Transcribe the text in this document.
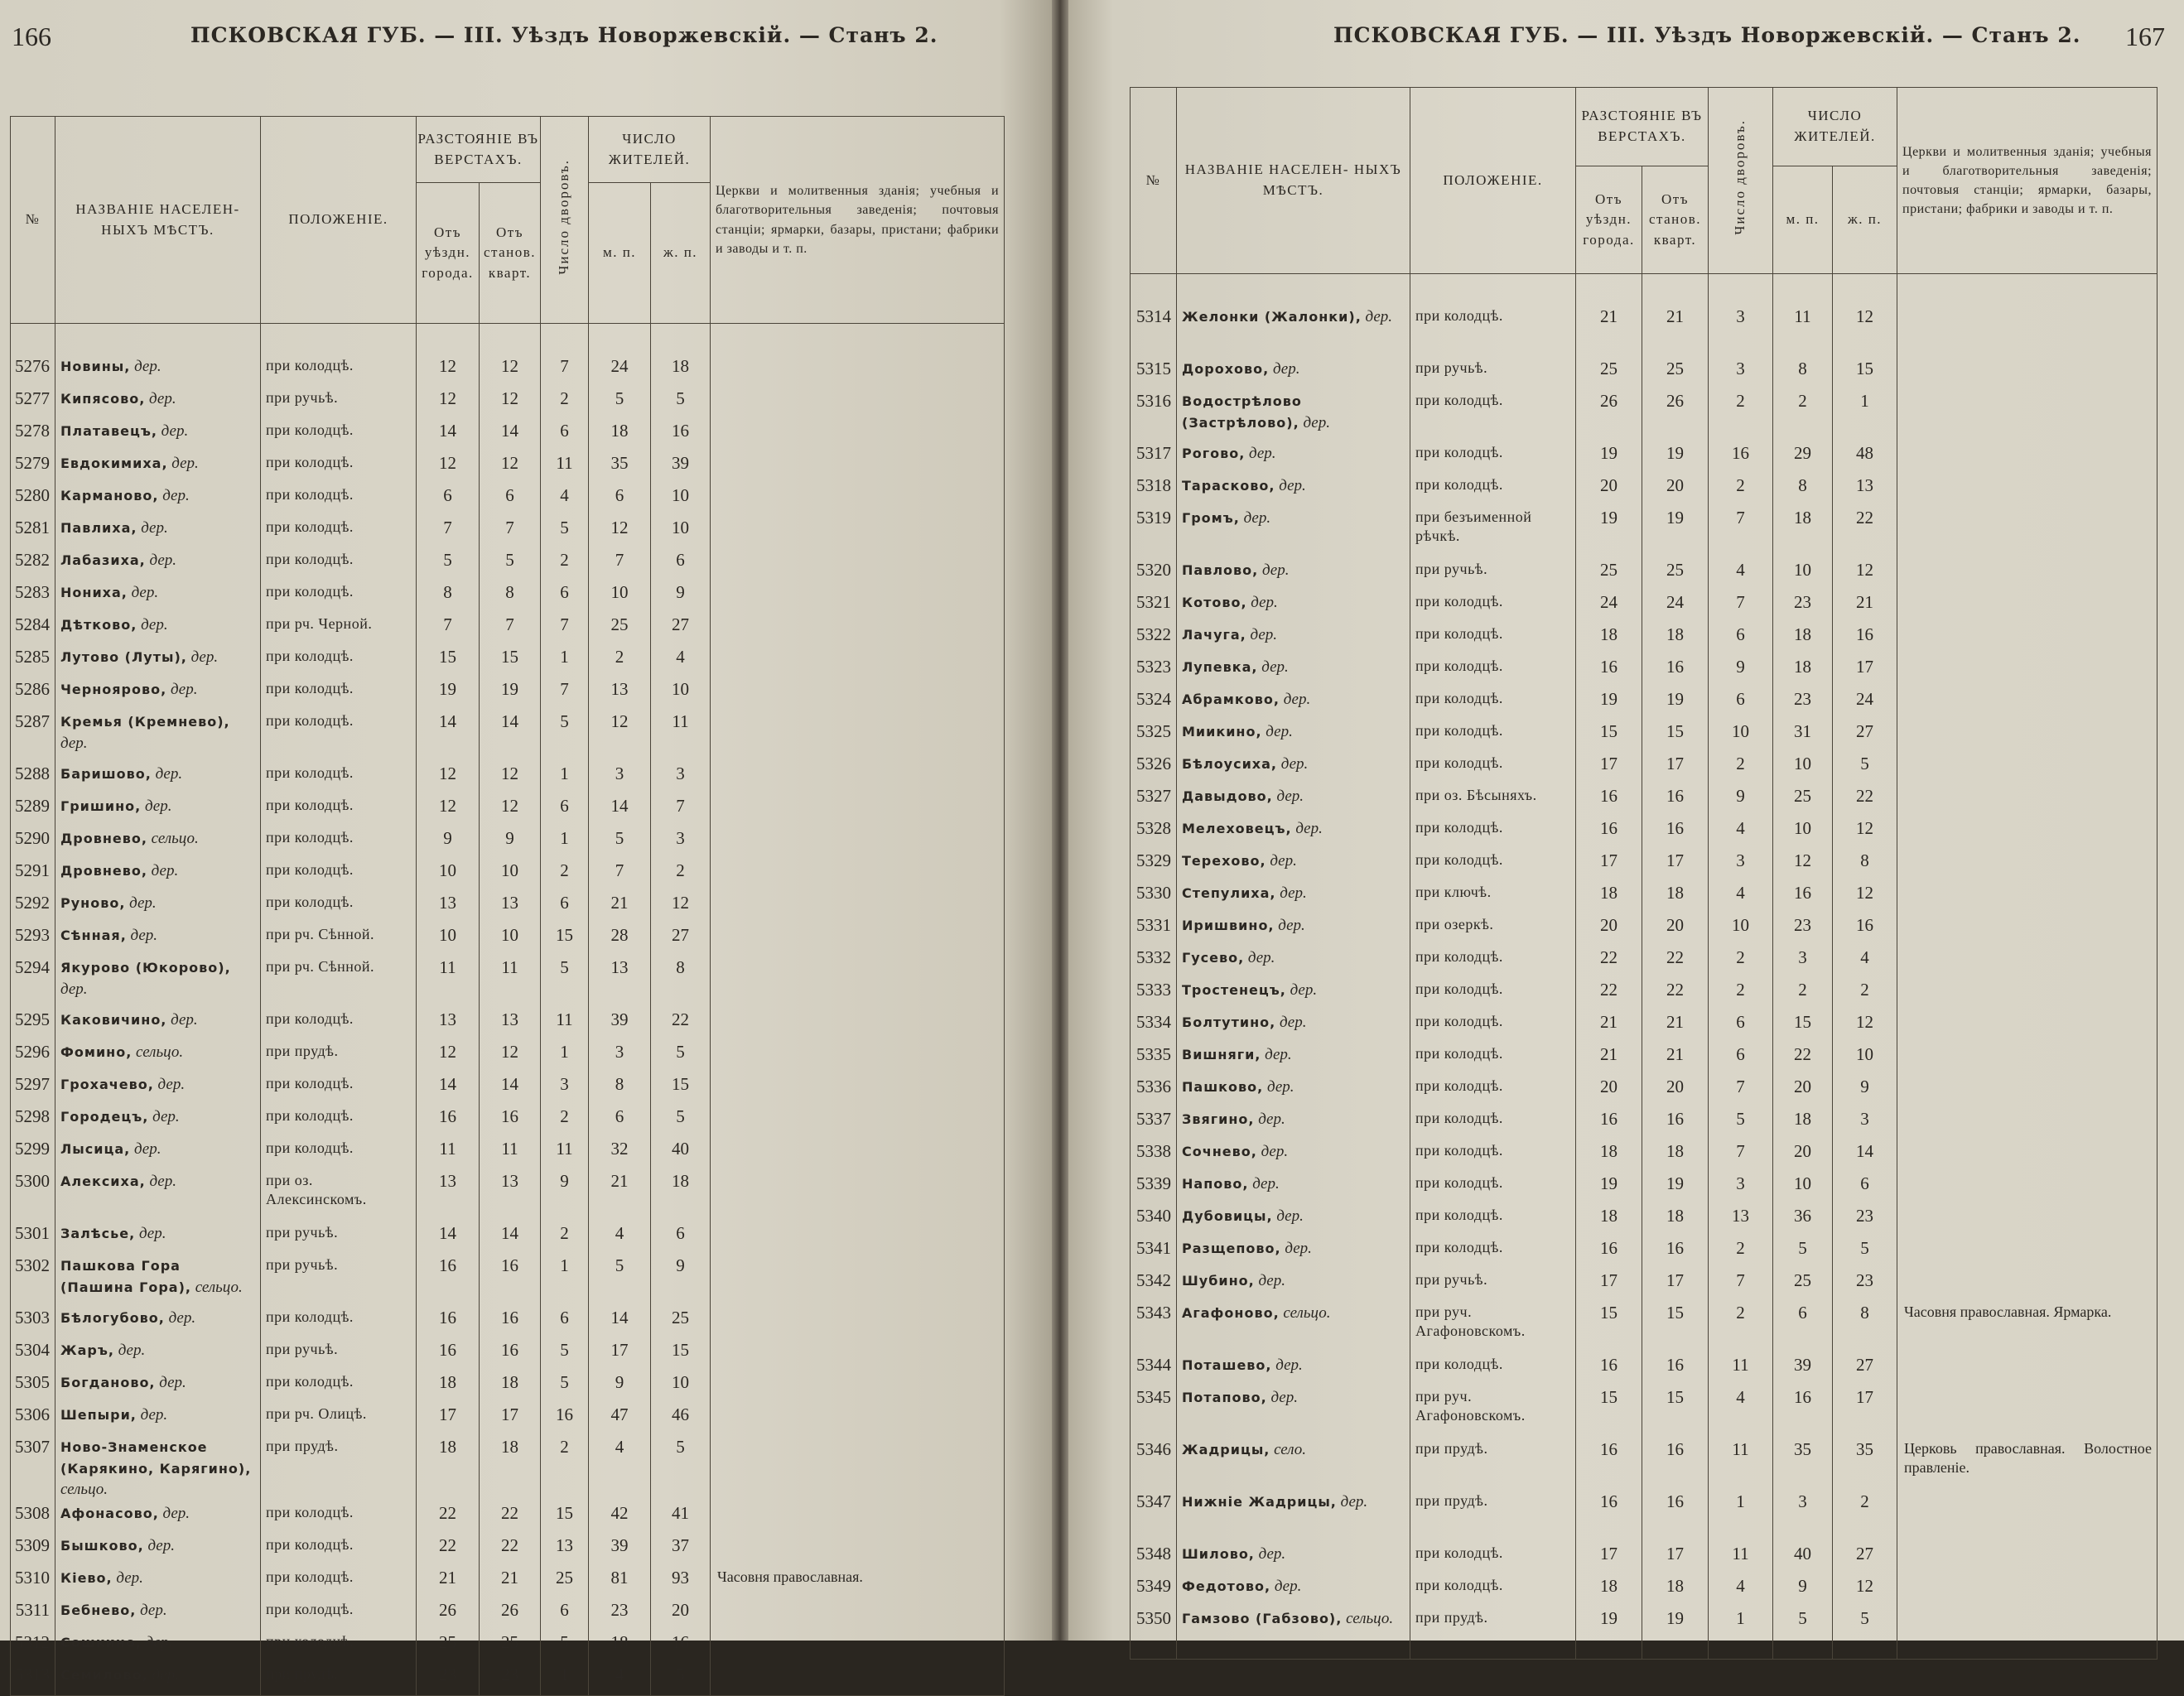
166	ПСКОВСКАЯ ГУБ. — III. Уѣздъ Новоржевскій. — Станъ 2.
№	НАЗВАНІЕ НАСЕЛЕН- НЫХЪ МѢСТЪ.	ПОЛОЖЕНІЕ.	РАЗСТОЯНІЕ ВЪ ВЕРСТАХЪ.		Число дворовъ.	ЧИСЛО ЖИТЕЛЕЙ.		Церкви и молитвенныя зданія; учебныя и благотворительныя заведенія; почтовыя станціи; ярмарки, базары, пристани; фабрики и заводы и т. п.
			Отъ уѣздн. города.	Отъ станов. кварт.		м. п.	ж. п.	

5276	Новины, дер.	при колодцѣ.	12	12	7	24	18	
5277	Кипясово, дер.	при ручьѣ.	12	12	2	5	5	
5278	Платавецъ, дер.	при колодцѣ.	14	14	6	18	16	
5279	Евдокимиха, дер.	при колодцѣ.	12	12	11	35	39	
5280	Карманово, дер.	при колодцѣ.	6	6	4	6	10	
5281	Павлиха, дер.	при колодцѣ.	7	7	5	12	10	
5282	Лабазиха, дер.	при колодцѣ.	5	5	2	7	6	
5283	Нониха, дер.	при колодцѣ.	8	8	6	10	9	
5284	Дѣтково, дер.	при рч. Черной.	7	7	7	25	27	
5285	Лутово (Луты), дер.	при колодцѣ.	15	15	1	2	4	
5286	Черноярово, дер.	при колодцѣ.	19	19	7	13	10	
5287	Кремья (Кремнево), дер.	при колодцѣ.	14	14	5	12	11	
5288	Баришово, дер.	при колодцѣ.	12	12	1	3	3	
5289	Гришино, дер.	при колодцѣ.	12	12	6	14	7	
5290	Дровнево, сельцо.	при колодцѣ.	9	9	1	5	3	
5291	Дровнево, дер.	при колодцѣ.	10	10	2	7	2	
5292	Руново, дер.	при колодцѣ.	13	13	6	21	12	
5293	Сѣнная, дер.	при рч. Сѣнной.	10	10	15	28	27	
5294	Якурово (Юкорово), дер.	при рч. Сѣнной.	11	11	5	13	8	
5295	Каковичино, дер.	при колодцѣ.	13	13	11	39	22	
5296	Фомино, сельцо.	при прудѣ.	12	12	1	3	5	
5297	Грохачево, дер.	при колодцѣ.	14	14	3	8	15	
5298	Городецъ, дер.	при колодцѣ.	16	16	2	6	5	
5299	Лысица, дер.	при колодцѣ.	11	11	11	32	40	
5300	Алексиха, дер.	при оз. Алексинскомъ.	13	13	9	21	18	
5301	Залѣсье, дер.	при ручьѣ.	14	14	2	4	6	
5302	Пашкова Гора (Пашина Гора), сельцо.	при ручьѣ.	16	16	1	5	9	
5303	Бѣлогубово, дер.	при колодцѣ.	16	16	6	14	25	
5304	Жаръ, дер.	при ручьѣ.	16	16	5	17	15	
5305	Богданово, дер.	при колодцѣ.	18	18	5	9	10	
5306	Шепыри, дер.	при рч. Олицѣ.	17	17	16	47	46	
5307	Ново-Знаменское (Карякино, Карягино), сельцо.	при прудѣ.	18	18	2	4	5	
5308	Афонасово, дер.	при колодцѣ.	22	22	15	42	41	
5309	Бышково, дер.	при колодцѣ.	22	22	13	39	37	
5310	Кіево, дер.	при колодцѣ.	21	21	25	81	93	Часовня православная.
5311	Бебнево, дер.	при колодцѣ.	26	26	6	23	20	
5312	Сошкино, дер.	при колодцѣ.	25	25	5	18	16	
5313	Семилово, дер.	при прудѣ.	23	23	1	4	5	
ПСКОВСКАЯ ГУБ. — III. Уѣздъ Новоржевскій. — Станъ 2. 167
№	НАЗВАНІЕ НАСЕЛЕН- НЫХЪ МѢСТЪ.	ПОЛОЖЕНІЕ.	РАЗСТОЯНІЕ ВЪ ВЕРСТАХЪ.		Число дворовъ.	ЧИСЛО ЖИТЕЛЕЙ.		Церкви и молитвенныя зданія; учебныя и благотворительныя заведенія; почтовыя станціи; ярмарки, базары, пристани; фабрики и заводы и т. п.
			Отъ уѣздн. города.	Отъ станов. кварт.		м. п.	ж. п.	

5314	Желонки (Жалонки), дер.	при колодцѣ.	21	21	3	11	12	
5315	Дорохово, дер.	при ручьѣ.	25	25	3	8	15	
5316	Водострѣлово (Застрѣлово), дер.	при колодцѣ.	26	26	2	2	1	
5317	Рогово, дер.	при колодцѣ.	19	19	16	29	48	
5318	Тарасково, дер.	при колодцѣ.	20	20	2	8	13	
5319	Громъ, дер.	при безъименной рѣчкѣ.	19	19	7	18	22	
5320	Павлово, дер.	при ручьѣ.	25	25	4	10	12	
5321	Котово, дер.	при колодцѣ.	24	24	7	23	21	
5322	Лачуга, дер.	при колодцѣ.	18	18	6	18	16	
5323	Лупевка, дер.	при колодцѣ.	16	16	9	18	17	
5324	Абрамково, дер.	при колодцѣ.	19	19	6	23	24	
5325	Миикино, дер.	при колодцѣ.	15	15	10	31	27	
5326	Бѣлоусиха, дер.	при колодцѣ.	17	17	2	10	5	
5327	Давыдово, дер.	при оз. Бѣсыняхъ.	16	16	9	25	22	
5328	Мелеховецъ, дер.	при колодцѣ.	16	16	4	10	12	
5329	Терехово, дер.	при колодцѣ.	17	17	3	12	8	
5330	Степулиха, дер.	при ключѣ.	18	18	4	16	12	
5331	Иришвино, дер.	при озеркѣ.	20	20	10	23	16	
5332	Гусево, дер.	при колодцѣ.	22	22	2	3	4	
5333	Тростенецъ, дер.	при колодцѣ.	22	22	2	2	2	
5334	Болтутино, дер.	при колодцѣ.	21	21	6	15	12	
5335	Вишняги, дер.	при колодцѣ.	21	21	6	22	10	
5336	Пашково, дер.	при колодцѣ.	20	20	7	20	9	
5337	Звягино, дер.	при колодцѣ.	16	16	5	18	3	
5338	Сочнево, дер.	при колодцѣ.	18	18	7	20	14	
5339	Напово, дер.	при колодцѣ.	19	19	3	10	6	
5340	Дубовицы, дер.	при колодцѣ.	18	18	13	36	23	
5341	Разщепово, дер.	при колодцѣ.	16	16	2	5	5	
5342	Шубино, дер.	при ручьѣ.	17	17	7	25	23	
5343	Агафоново, сельцо.	при руч. Агафоновскомъ.	15	15	2	6	8	Часовня православная. Ярмарка.
5344	Поташево, дер.	при колодцѣ.	16	16	11	39	27	
5345	Потапово, дер.	при руч. Агафоновскомъ.	15	15	4	16	17	
5346	Жадрицы, село.	при прудѣ.	16	16	11	35	35	Церковь православная. Волостное правленіе.
5347	Нижніе Жадрицы, дер.	при прудѣ.	16	16	1	3	2	
5348	Шилово, дер.	при колодцѣ.	17	17	11	40	27	
5349	Федотово, дер.	при колодцѣ.	18	18	4	9	12	
5350	Гамзово (Габзово), сельцо.	при прудѣ.	19	19	1	5	5	
